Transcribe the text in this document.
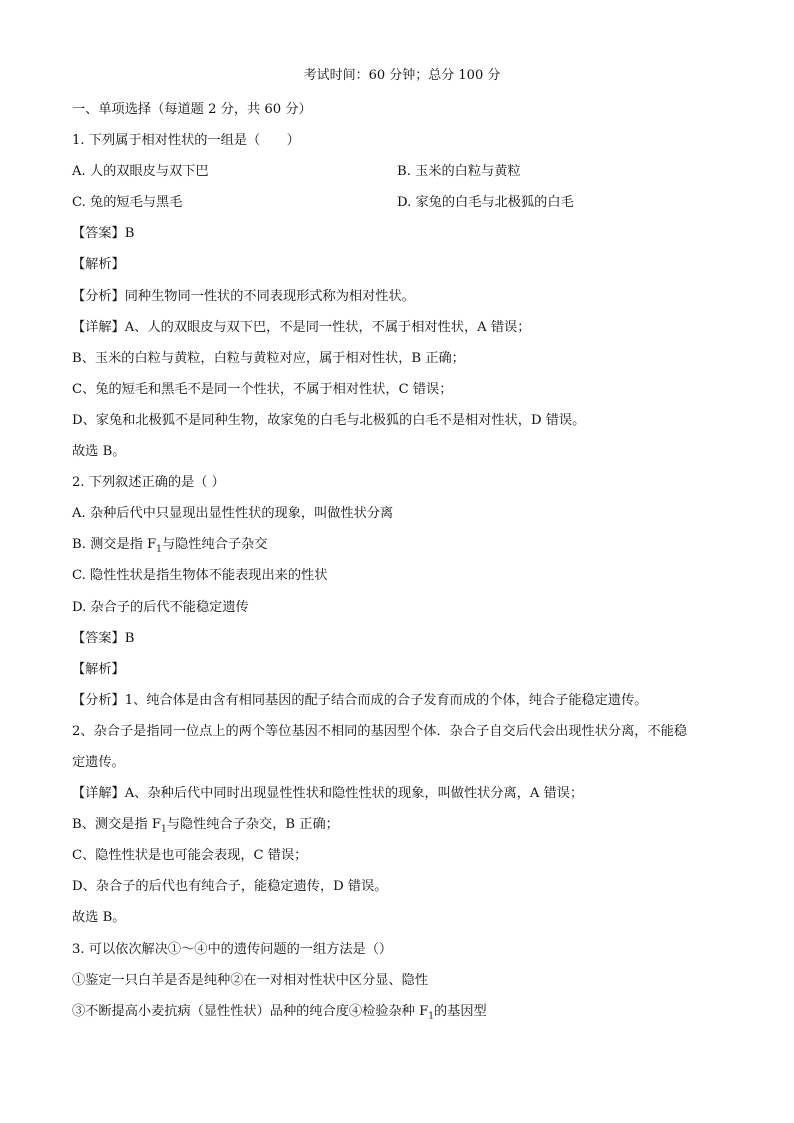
考试时间：60 分钟；总分 100 分
一、单项选择（每道题 2 分，共 60 分）
1. 下列属于相对性状的一组是（　　）
A. 人的双眼皮与双下巴	B. 玉米的白粒与黄粒
C. 兔的短毛与黑毛	D. 家兔的白毛与北极狐的白毛
【答案】B
【解析】
【分析】同种生物同一性状的不同表现形式称为相对性状。
【详解】A、人的双眼皮与双下巴，不是同一性状，不属于相对性状，A 错误；
B、玉米的白粒与黄粒，白粒与黄粒对应，属于相对性状，B 正确；
C、兔的短毛和黑毛不是同一个性状，不属于相对性状，C 错误；
D、家兔和北极狐不是同种生物，故家兔的白毛与北极狐的白毛不是相对性状，D 错误。
故选 B。
2. 下列叙述正确的是（ ）
A. 杂种后代中只显现出显性性状的现象，叫做性状分离
B. 测交是指 $F_1$与隐性纯合子杂交
C. 隐性性状是指生物体不能表现出来的性状
D. 杂合子的后代不能稳定遗传
【答案】B
【解析】
【分析】1、纯合体是由含有相同基因的配子结合而成的合子发育而成的个体，纯合子能稳定遗传。
2、杂合子是指同一位点上的两个等位基因不相同的基因型个体．杂合子自交后代会出现性状分离，不能稳
定遗传。
【详解】A、杂种后代中同时出现显性性状和隐性性状的现象，叫做性状分离，A 错误；
B、测交是指 $F_1$与隐性纯合子杂交，B 正确；
C、隐性性状是也可能会表现，C 错误；
D、杂合子的后代也有纯合子，能稳定遗传，D 错误。
故选 B。
3. 可以依次解决①～④中的遗传问题的一组方法是（）
①鉴定一只白羊是否是纯种②在一对相对性状中区分显、隐性
③不断提高小麦抗病（显性性状）品种的纯合度④检验杂种 $F_1$的基因型
